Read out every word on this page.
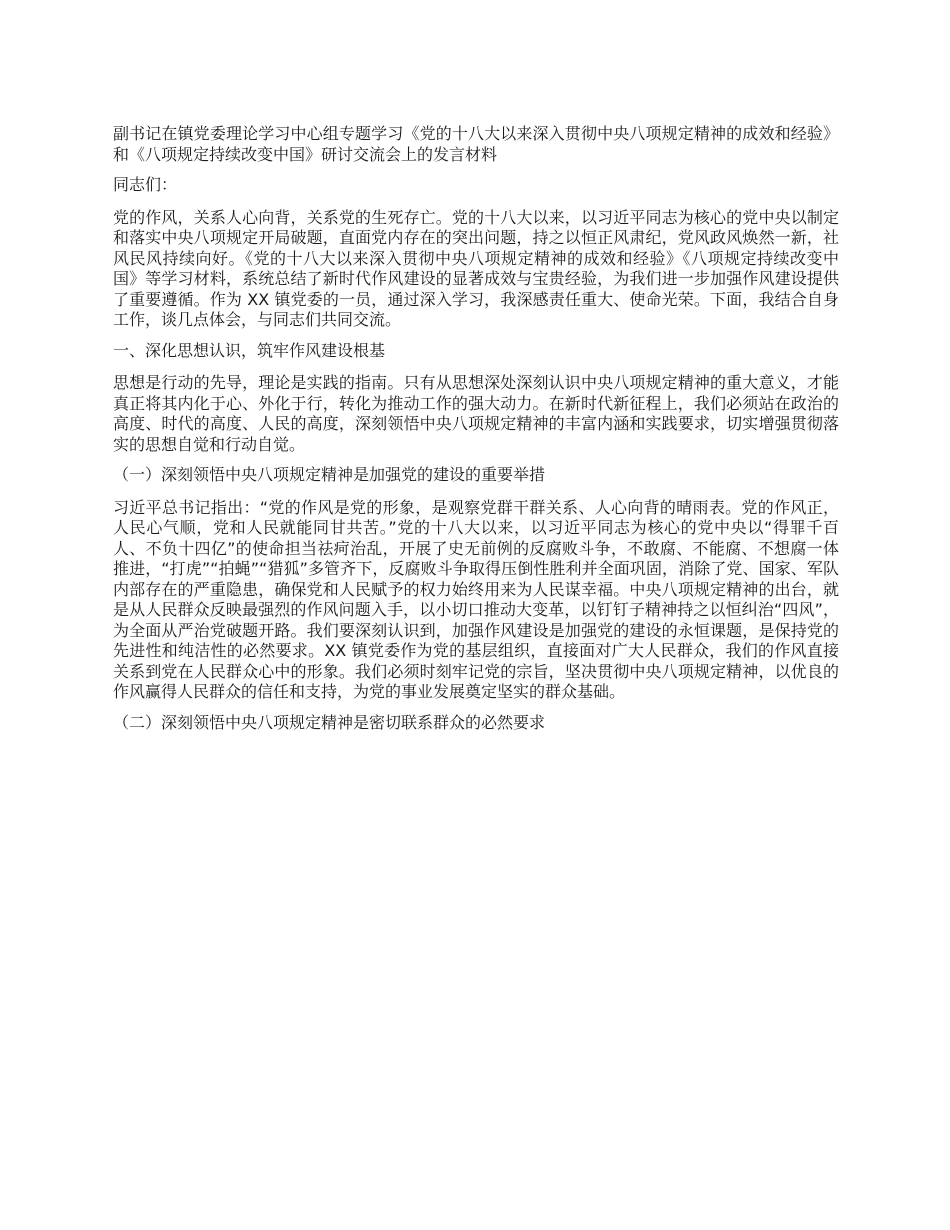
副书记在镇党委理论学习中心组专题学习《党的十八大以来深入贯彻中央八项规定精神的成效和经验》和《八项规定持续改变中国》研讨交流会上的发言材料

同志们：

党的作风，关系人心向背，关系党的生死存亡。党的十八大以来，以习近平同志为核心的党中央以制定和落实中央八项规定开局破题，直面党内存在的突出问题，持之以恒正风肃纪，党风政风焕然一新，社风民风持续向好。《党的十八大以来深入贯彻中央八项规定精神的成效和经验》《八项规定持续改变中国》等学习材料，系统总结了新时代作风建设的显著成效与宝贵经验，为我们进一步加强作风建设提供了重要遵循。作为 XX 镇党委的一员，通过深入学习，我深感责任重大、使命光荣。下面，我结合自身工作，谈几点体会，与同志们共同交流。

一、深化思想认识，筑牢作风建设根基

思想是行动的先导，理论是实践的指南。只有从思想深处深刻认识中央八项规定精神的重大意义，才能真正将其内化于心、外化于行，转化为推动工作的强大动力。在新时代新征程上，我们必须站在政治的高度、时代的高度、人民的高度，深刻领悟中央八项规定精神的丰富内涵和实践要求，切实增强贯彻落实的思想自觉和行动自觉。

（一）深刻领悟中央八项规定精神是加强党的建设的重要举措

习近平总书记指出：“党的作风是党的形象，是观察党群干群关系、人心向背的晴雨表。党的作风正，人民心气顺，党和人民就能同甘共苦。”党的十八大以来，以习近平同志为核心的党中央以“得罪千百人、不负十四亿”的使命担当祛疴治乱，开展了史无前例的反腐败斗争，不敢腐、不能腐、不想腐一体推进，“打虎”“拍蝇”“猎狐”多管齐下，反腐败斗争取得压倒性胜利并全面巩固，消除了党、国家、军队内部存在的严重隐患，确保党和人民赋予的权力始终用来为人民谋幸福。中央八项规定精神的出台，就是从人民群众反映最强烈的作风问题入手，以小切口推动大变革，以钉钉子精神持之以恒纠治“四风”，为全面从严治党破题开路。我们要深刻认识到，加强作风建设是加强党的建设的永恒课题，是保持党的先进性和纯洁性的必然要求。XX 镇党委作为党的基层组织，直接面对广大人民群众，我们的作风直接关系到党在人民群众心中的形象。我们必须时刻牢记党的宗旨，坚决贯彻中央八项规定精神，以优良的作风赢得人民群众的信任和支持，为党的事业发展奠定坚实的群众基础。

（二）深刻领悟中央八项规定精神是密切联系群众的必然要求
